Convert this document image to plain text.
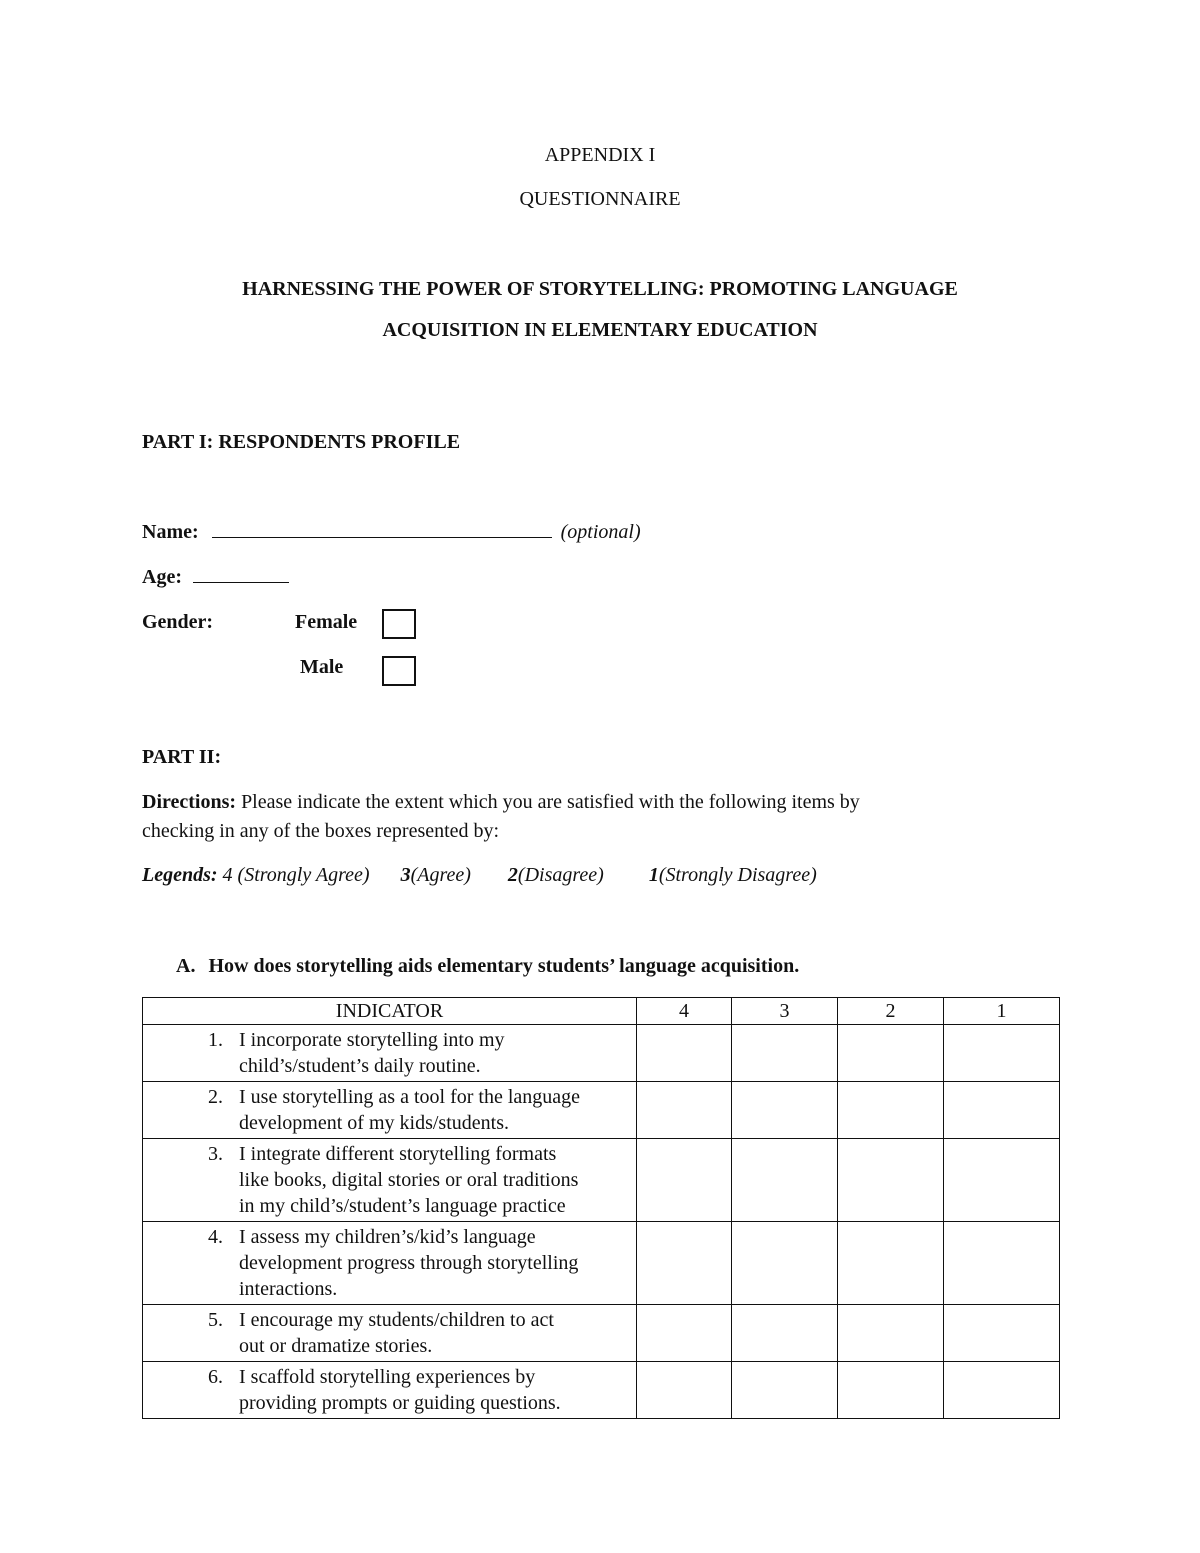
APPENDIX I
QUESTIONNAIRE
HARNESSING THE POWER OF STORYTELLING: PROMOTING LANGUAGE
ACQUISITION IN ELEMENTARY EDUCATION
PART I: RESPONDENTS PROFILE
Name:	(optional)
Age:
Gender:	Female
Male
PART II:
Directions: Please indicate the extent which you are satisfied with the following items by
checking in any of the boxes represented by:
Legends: 4 (Strongly Agree) 3(Agree) 2(Disagree) 1(Strongly Disagree)
A. How does storytelling aids elementary students’ language acquisition.
INDICATOR	4	3	2	1

1. I incorporate storytelling into my
child’s/student’s daily routine.				

2. I use storytelling as a tool for the language
development of my kids/students.				

3. I integrate different storytelling formats
like books, digital stories or oral traditions
in my child’s/student’s language practice				

4. I assess my children’s/kid’s language
development progress through storytelling
interactions.				

5. I encourage my students/children to act
out or dramatize stories.				

6. I scaffold storytelling experiences by
providing prompts or guiding questions.				
